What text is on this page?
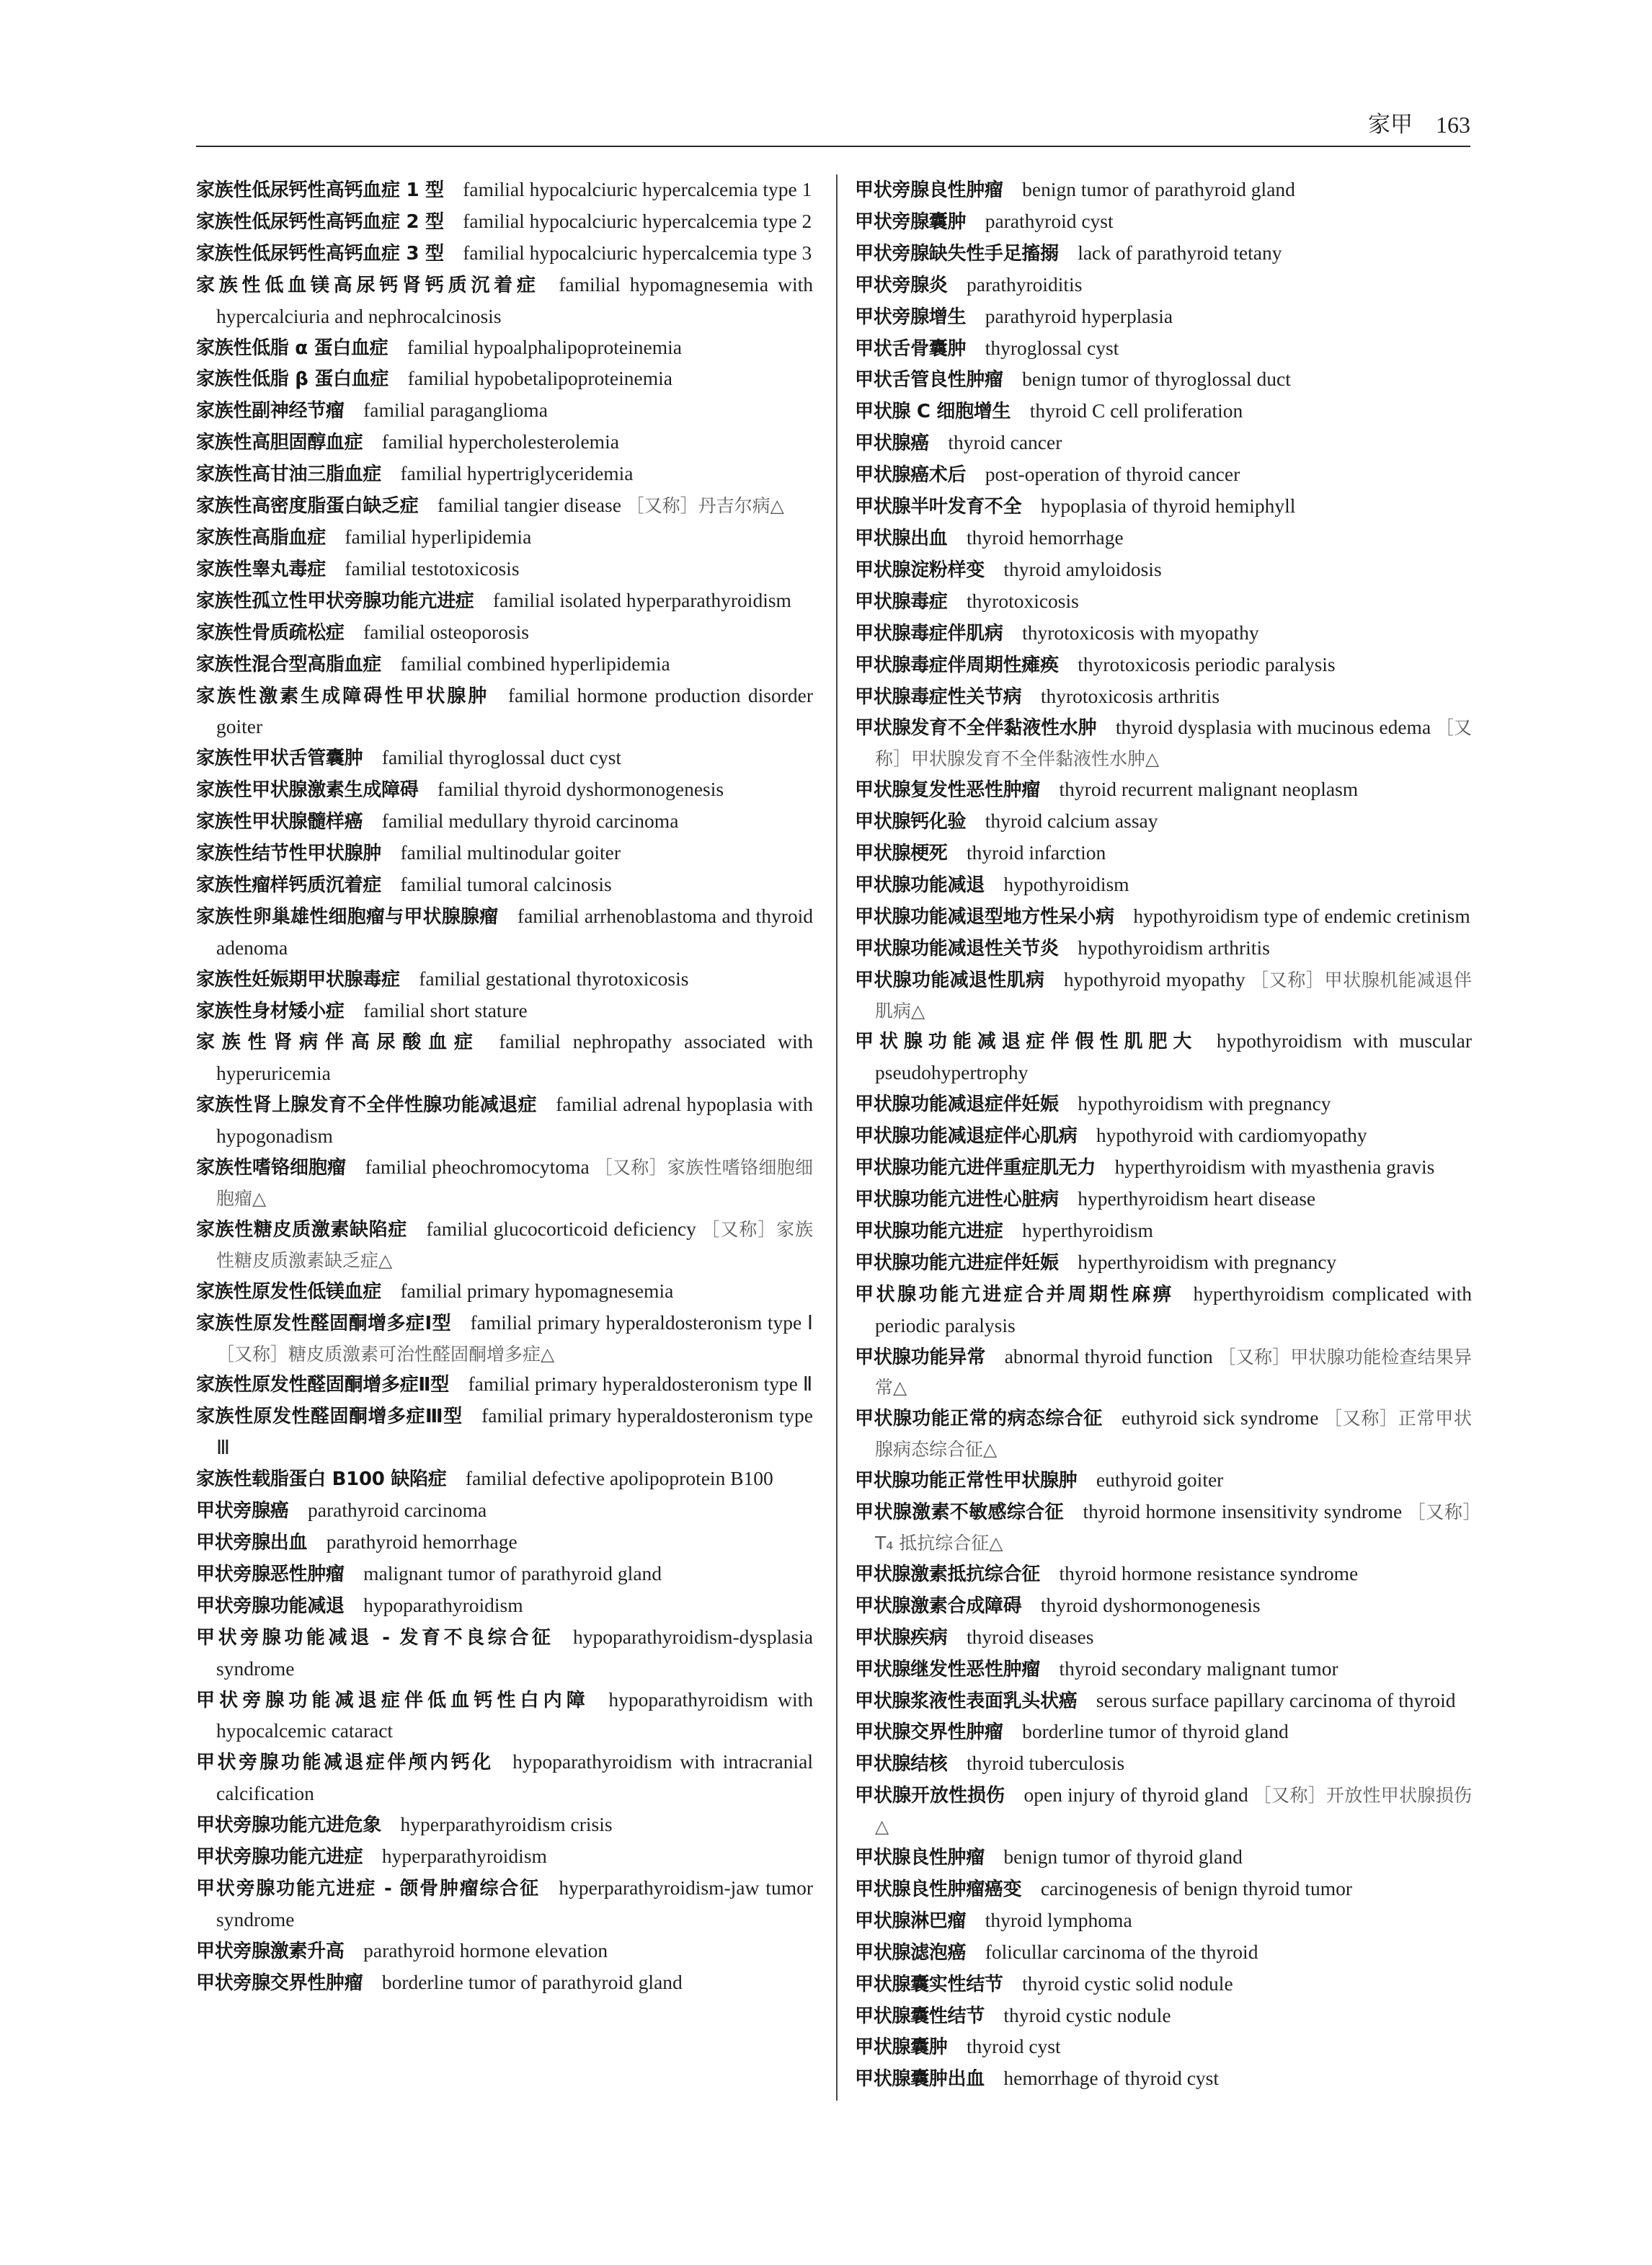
家甲 163

家族性低尿钙性高钙血症 1 型  familial hypocalciuric hypercalcemia type 1

家族性低尿钙性高钙血症 2 型  familial hypocalciuric hypercalcemia type 2

家族性低尿钙性高钙血症 3 型  familial hypocalciuric hypercalcemia type 3

家族性低血镁高尿钙肾钙质沉着症  familial hypomagnesemia with hypercalciuria and nephrocalcinosis

家族性低脂 α 蛋白血症  familial hypoalphalipoproteinemia

家族性低脂 β 蛋白血症  familial hypobetalipoproteinemia

家族性副神经节瘤  familial paraganglioma

家族性高胆固醇血症  familial hypercholesterolemia

家族性高甘油三脂血症  familial hypertriglyceridemia

家族性高密度脂蛋白缺乏症  familial tangier disease ［又称］丹吉尔病△

家族性高脂血症  familial hyperlipidemia

家族性睾丸毒症  familial testotoxicosis

家族性孤立性甲状旁腺功能亢进症  familial isolated hyperparathyroidism

家族性骨质疏松症  familial osteoporosis

家族性混合型高脂血症  familial combined hyperlipidemia

家族性激素生成障碍性甲状腺肿  familial hormone production disorder goiter

家族性甲状舌管囊肿  familial thyroglossal duct cyst

家族性甲状腺激素生成障碍  familial thyroid dyshormonogenesis

家族性甲状腺髓样癌  familial medullary thyroid carcinoma

家族性结节性甲状腺肿  familial multinodular goiter

家族性瘤样钙质沉着症  familial tumoral calcinosis

家族性卵巢雄性细胞瘤与甲状腺腺瘤  familial arrhenoblastoma and thyroid adenoma

家族性妊娠期甲状腺毒症  familial gestational thyrotoxicosis

家族性身材矮小症  familial short stature

家族性肾病伴高尿酸血症  familial nephropathy associated with hyperuricemia

家族性肾上腺发育不全伴性腺功能减退症  familial adrenal hypoplasia with hypogonadism

家族性嗜铬细胞瘤  familial pheochromocytoma ［又称］家族性嗜铬细胞细胞瘤△

家族性糖皮质激素缺陷症  familial glucocorticoid deficiency ［又称］家族性糖皮质激素缺乏症△

家族性原发性低镁血症  familial primary hypomagnesemia

家族性原发性醛固酮增多症Ⅰ型  familial primary hyperaldosteronism type Ⅰ ［又称］糖皮质激素可治性醛固酮增多症△

家族性原发性醛固酮增多症Ⅱ型  familial primary hyperaldosteronism type Ⅱ

家族性原发性醛固酮增多症Ⅲ型  familial primary hyperaldosteronism type Ⅲ

家族性载脂蛋白 B100 缺陷症  familial defective apolipoprotein B100

甲状旁腺癌  parathyroid carcinoma

甲状旁腺出血  parathyroid hemorrhage

甲状旁腺恶性肿瘤  malignant tumor of parathyroid gland

甲状旁腺功能减退  hypoparathyroidism

甲状旁腺功能减退 - 发育不良综合征  hypoparathyroidism-dysplasia syndrome

甲状旁腺功能减退症伴低血钙性白内障  hypoparathyroidism with hypocalcemic cataract

甲状旁腺功能减退症伴颅内钙化  hypoparathyroidism with intracranial calcification

甲状旁腺功能亢进危象  hyperparathyroidism crisis

甲状旁腺功能亢进症  hyperparathyroidism

甲状旁腺功能亢进症 - 颌骨肿瘤综合征  hyperparathyroidism-jaw tumor syndrome

甲状旁腺激素升高  parathyroid hormone elevation

甲状旁腺交界性肿瘤  borderline tumor of parathyroid gland

甲状旁腺良性肿瘤  benign tumor of parathyroid gland

甲状旁腺囊肿  parathyroid cyst

甲状旁腺缺失性手足搐搦  lack of parathyroid tetany

甲状旁腺炎  parathyroiditis

甲状旁腺增生  parathyroid hyperplasia

甲状舌骨囊肿  thyroglossal cyst

甲状舌管良性肿瘤  benign tumor of thyroglossal duct

甲状腺 C 细胞增生  thyroid C cell proliferation

甲状腺癌  thyroid cancer

甲状腺癌术后  post-operation of thyroid cancer

甲状腺半叶发育不全  hypoplasia of thyroid hemiphyll

甲状腺出血  thyroid hemorrhage

甲状腺淀粉样变  thyroid amyloidosis

甲状腺毒症  thyrotoxicosis

甲状腺毒症伴肌病  thyrotoxicosis with myopathy

甲状腺毒症伴周期性瘫痪  thyrotoxicosis periodic paralysis

甲状腺毒症性关节病  thyrotoxicosis arthritis

甲状腺发育不全伴黏液性水肿  thyroid dysplasia with mucinous edema ［又称］甲状腺发育不全伴黏液性水肿△

甲状腺复发性恶性肿瘤  thyroid recurrent malignant neoplasm

甲状腺钙化验  thyroid calcium assay

甲状腺梗死  thyroid infarction

甲状腺功能减退  hypothyroidism

甲状腺功能减退型地方性呆小病  hypothyroidism type of endemic cretinism

甲状腺功能减退性关节炎  hypothyroidism arthritis

甲状腺功能减退性肌病  hypothyroid myopathy ［又称］甲状腺机能减退伴肌病△

甲状腺功能减退症伴假性肌肥大  hypothyroidism with muscular pseudohypertrophy

甲状腺功能减退症伴妊娠  hypothyroidism with pregnancy

甲状腺功能减退症伴心肌病  hypothyroid with cardiomyopathy

甲状腺功能亢进伴重症肌无力  hyperthyroidism with myasthenia gravis

甲状腺功能亢进性心脏病  hyperthyroidism heart disease

甲状腺功能亢进症  hyperthyroidism

甲状腺功能亢进症伴妊娠  hyperthyroidism with pregnancy

甲状腺功能亢进症合并周期性麻痹  hyperthyroidism complicated with periodic paralysis

甲状腺功能异常  abnormal thyroid function ［又称］甲状腺功能检查结果异常△

甲状腺功能正常的病态综合征  euthyroid sick syndrome ［又称］正常甲状腺病态综合征△

甲状腺功能正常性甲状腺肿  euthyroid goiter

甲状腺激素不敏感综合征  thyroid hormone insensitivity syndrome ［又称］T₄ 抵抗综合征△

甲状腺激素抵抗综合征  thyroid hormone resistance syndrome

甲状腺激素合成障碍  thyroid dyshormonogenesis

甲状腺疾病  thyroid diseases

甲状腺继发性恶性肿瘤  thyroid secondary malignant tumor

甲状腺浆液性表面乳头状癌  serous surface papillary carcinoma of thyroid

甲状腺交界性肿瘤  borderline tumor of thyroid gland

甲状腺结核  thyroid tuberculosis

甲状腺开放性损伤  open injury of thyroid gland ［又称］开放性甲状腺损伤△

甲状腺良性肿瘤  benign tumor of thyroid gland

甲状腺良性肿瘤癌变  carcinogenesis of benign thyroid tumor

甲状腺淋巴瘤  thyroid lymphoma

甲状腺滤泡癌  folicullar carcinoma of the thyroid

甲状腺囊实性结节  thyroid cystic solid nodule

甲状腺囊性结节  thyroid cystic nodule

甲状腺囊肿  thyroid cyst

甲状腺囊肿出血  hemorrhage of thyroid cyst
